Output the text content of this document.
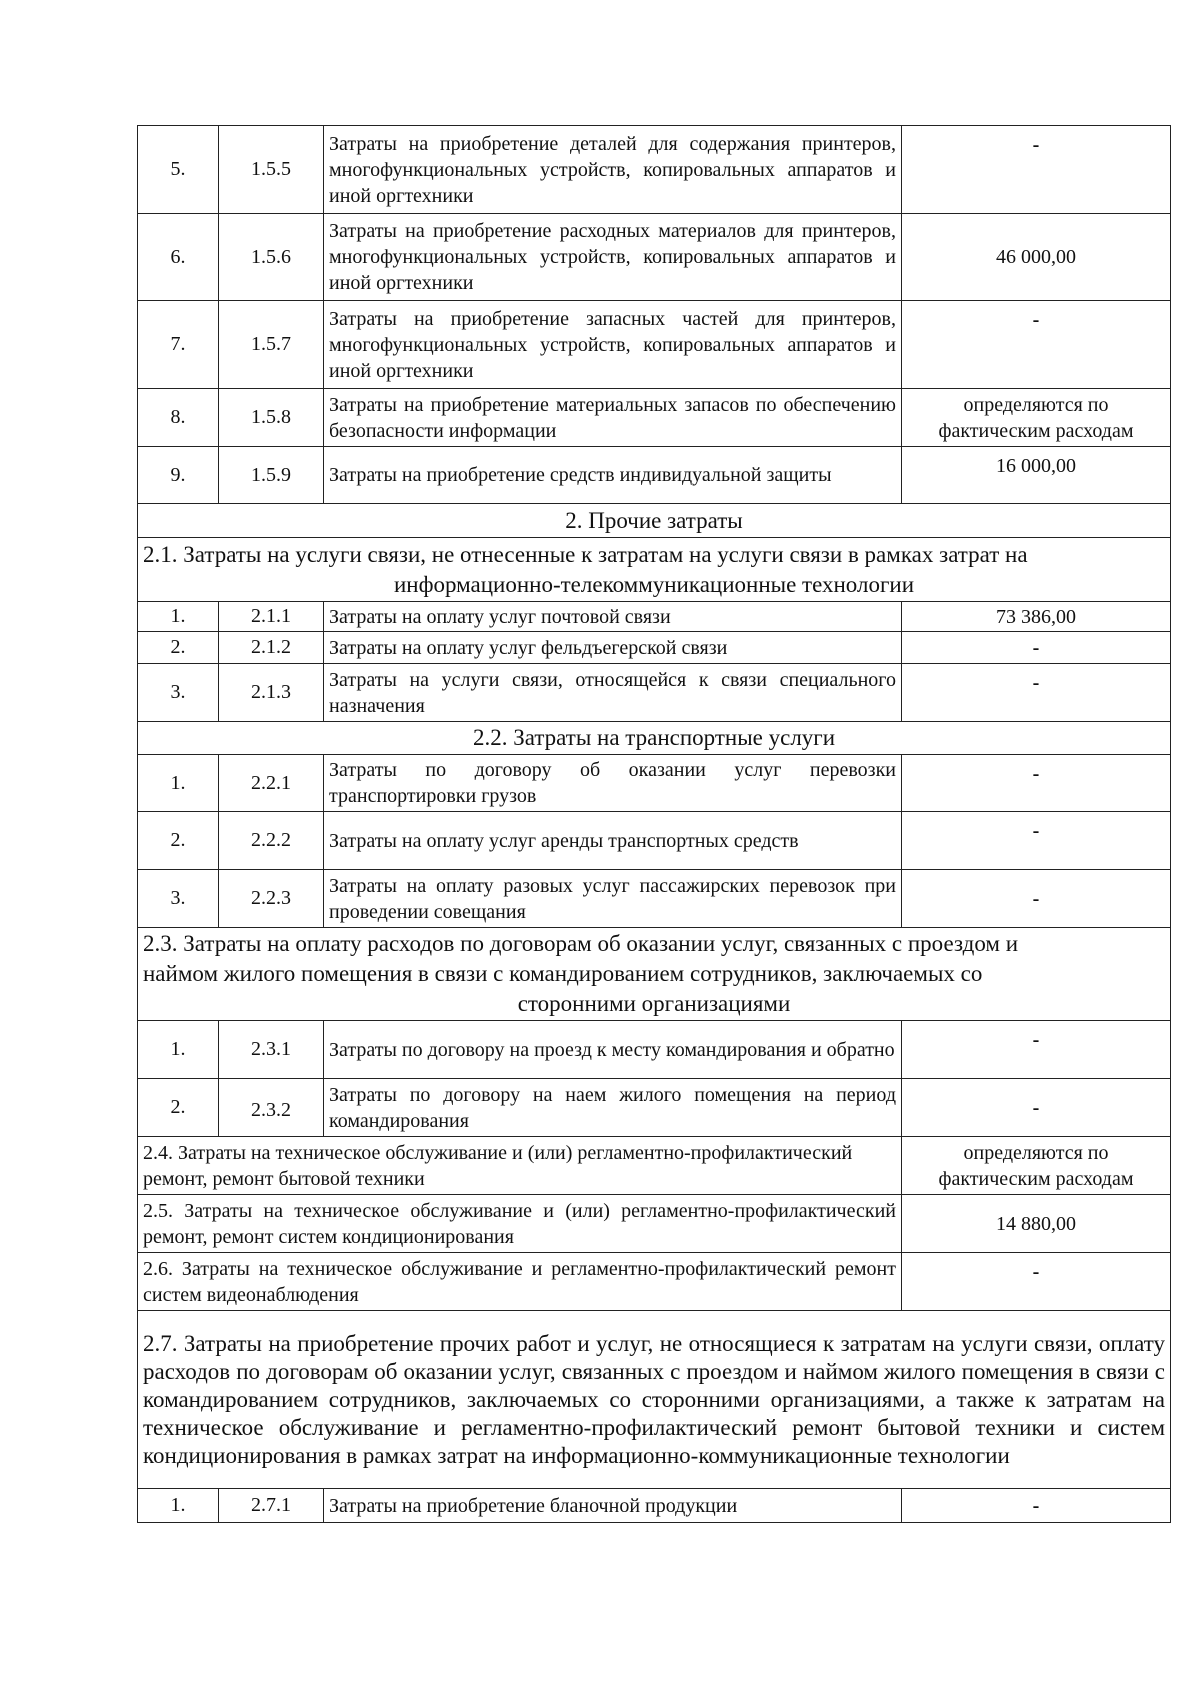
5.	1.5.5	Затраты на приобретение деталей для содержания принтеров, многофункциональных устройств, копировальных аппаратов и иной оргтехники	-
6.	1.5.6	Затраты на приобретение расходных материалов для принтеров, многофункциональных устройств, копировальных аппаратов и иной оргтехники	46 000,00
7.	1.5.7	Затраты на приобретение запасных частей для принтеров, многофункциональных устройств, копировальных аппаратов и иной оргтехники	-
8.	1.5.8	Затраты на приобретение материальных запасов по обеспечению безопасности информации	определяются по фактическим расходам
9.	1.5.9	Затраты на приобретение средств индивидуальной защиты	16 000,00
2. Прочие затраты			
2.1. Затраты на услуги связи, не отнесенные к затратам на услуги связи в рамках затрат на
информационно-телекоммуникационные технологии			

1.	2.1.1	Затраты на оплату услуг почтовой связи	73 386,00
2.	2.1.2	Затраты на оплату услуг фельдъегерской связи	-
3.	2.1.3	Затраты на услуги связи, относящейся к связи специального назначения	-
2.2. Затраты на транспортные услуги			
1.	2.2.1	Затраты по договору об оказании услуг перевозки транспортировки грузов	-
2.	2.2.2	Затраты на оплату услуг аренды транспортных средств	-
3.	2.2.3	Затраты на оплату разовых услуг пассажирских перевозок при проведении совещания	-
2.3. Затраты на оплату расходов по договорам об оказании услуг, связанных с проездом и
наймом жилого помещения в связи с командированием сотрудников, заключаемых со
сторонними организациями			

1.	2.3.1	Затраты по договору на проезд к месту командирования и обратно	-
2.	2.3.2	Затраты по договору на наем жилого помещения на период командирования	-
2.4. Затраты на техническое обслуживание и (или) регламентно-профилактический ремонт, ремонт бытовой техники			определяются по фактическим расходам
2.5. Затраты на техническое обслуживание и (или) регламентно-профилактический ремонт, ремонт систем кондиционирования			14 880,00
2.6. Затраты на техническое обслуживание и регламентно-профилактический ремонт систем видеонаблюдения			-
2.7. Затраты на приобретение прочих работ и услуг, не относящиеся к затратам на услуги связи, оплату расходов по договорам об оказании услуг, связанных с проездом и наймом жилого помещения в связи с командированием сотрудников, заключаемых со сторонними организациями, а также к затратам на техническое обслуживание и регламентно-профилактический ремонт бытовой техники и систем кондиционирования в рамках затрат на информационно-коммуникационные технологии			
1.	2.7.1	Затраты на приобретение бланочной продукции	-
